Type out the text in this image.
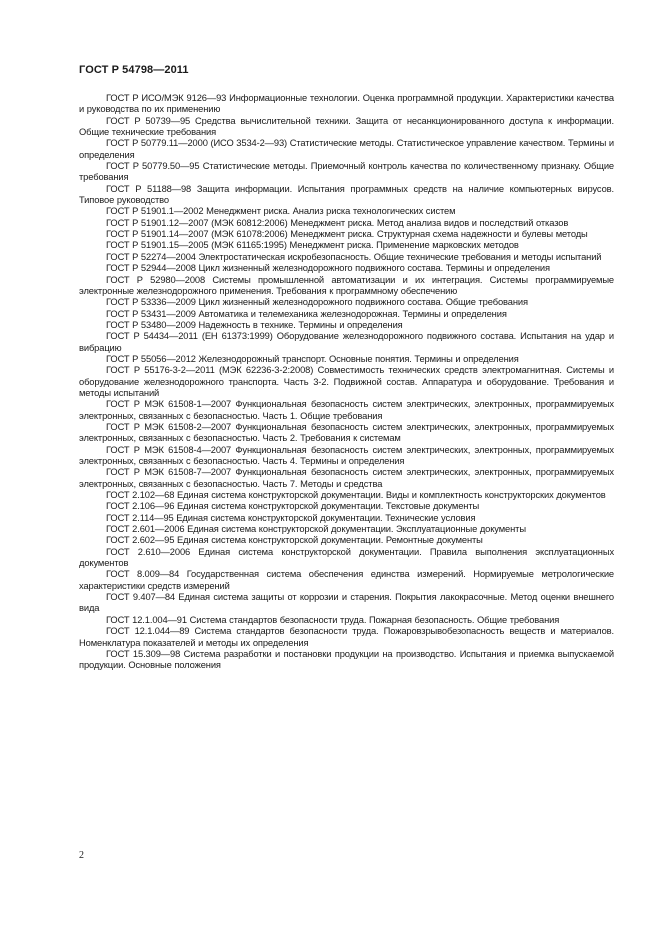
ГОСТ Р 54798—2011

ГОСТ Р ИСО/МЭК 9126—93 Информационные технологии. Оценка программной продукции. Характеристики качества и руководства по их применению

ГОСТ Р 50739—95 Средства вычислительной техники. Защита от несанкционированного доступа к информации. Общие технические требования

ГОСТ Р 50779.11—2000 (ИСО 3534-2—93) Статистические методы. Статистическое управление качеством. Термины и определения

ГОСТ Р 50779.50—95 Статистические методы. Приемочный контроль качества по количественному признаку. Общие требования

ГОСТ Р 51188—98 Защита информации. Испытания программных средств на наличие компьютерных вирусов. Типовое руководство

ГОСТ Р 51901.1—2002 Менеджмент риска. Анализ риска технологических систем

ГОСТ Р 51901.12—2007 (МЭК 60812:2006) Менеджмент риска. Метод анализа видов и последствий отказов

ГОСТ Р 51901.14—2007 (МЭК 61078:2006) Менеджмент риска. Структурная схема надежности и булевы методы

ГОСТ Р 51901.15—2005 (МЭК 61165:1995) Менеджмент риска. Применение марковских методов

ГОСТ Р 52274—2004 Электростатическая искробезопасность. Общие технические требования и методы испытаний

ГОСТ Р 52944—2008 Цикл жизненный железнодорожного подвижного состава. Термины и определения

ГОСТ Р 52980—2008 Системы промышленной автоматизации и их интеграция. Системы программируемые электронные железнодорожного применения. Требования к программному обеспечению

ГОСТ Р 53336—2009 Цикл жизненный железнодорожного подвижного состава. Общие требования

ГОСТ Р 53431—2009 Автоматика и телемеханика железнодорожная. Термины и определения

ГОСТ Р 53480—2009 Надежность в технике. Термины и определения

ГОСТ Р 54434—2011 (ЕН 61373:1999) Оборудование железнодорожного подвижного состава. Испытания на удар и вибрацию

ГОСТ Р 55056—2012 Железнодорожный транспорт. Основные понятия. Термины и определения

ГОСТ Р 55176-3-2—2011 (МЭК 62236-3-2:2008) Совместимость технических средств электромагнитная. Системы и оборудование железнодорожного транспорта. Часть 3-2. Подвижной состав. Аппаратура и оборудование. Требования и методы испытаний

ГОСТ Р МЭК 61508-1—2007 Функциональная безопасность систем электрических, электронных, программируемых электронных, связанных с безопасностью. Часть 1. Общие требования

ГОСТ Р МЭК 61508-2—2007 Функциональная безопасность систем электрических, электронных, программируемых электронных, связанных с безопасностью. Часть 2. Требования к системам

ГОСТ Р МЭК 61508-4—2007 Функциональная безопасность систем электрических, электронных, программируемых электронных, связанных с безопасностью. Часть 4. Термины и определения

ГОСТ Р МЭК 61508-7—2007 Функциональная безопасность систем электрических, электронных, программируемых электронных, связанных с безопасностью. Часть 7. Методы и средства

ГОСТ 2.102—68 Единая система конструкторской документации. Виды и комплектность конструкторских документов

ГОСТ 2.106—96 Единая система конструкторской документации. Текстовые документы

ГОСТ 2.114—95 Единая система конструкторской документации. Технические условия

ГОСТ 2.601—2006 Единая система конструкторской документации. Эксплуатационные документы

ГОСТ 2.602—95 Единая система конструкторской документации. Ремонтные документы

ГОСТ 2.610—2006 Единая система конструкторской документации. Правила выполнения эксплуатационных документов

ГОСТ 8.009—84 Государственная система обеспечения единства измерений. Нормируемые метрологические характеристики средств измерений

ГОСТ 9.407—84 Единая система защиты от коррозии и старения. Покрытия лакокрасочные. Метод оценки внешнего вида

ГОСТ 12.1.004—91 Система стандартов безопасности труда. Пожарная безопасность. Общие требования

ГОСТ 12.1.044—89 Система стандартов безопасности труда. Пожаровзрывобезопасность веществ и материалов. Номенклатура показателей и методы их определения

ГОСТ 15.309—98 Система разработки и постановки продукции на производство. Испытания и приемка выпускаемой продукции. Основные положения

2
